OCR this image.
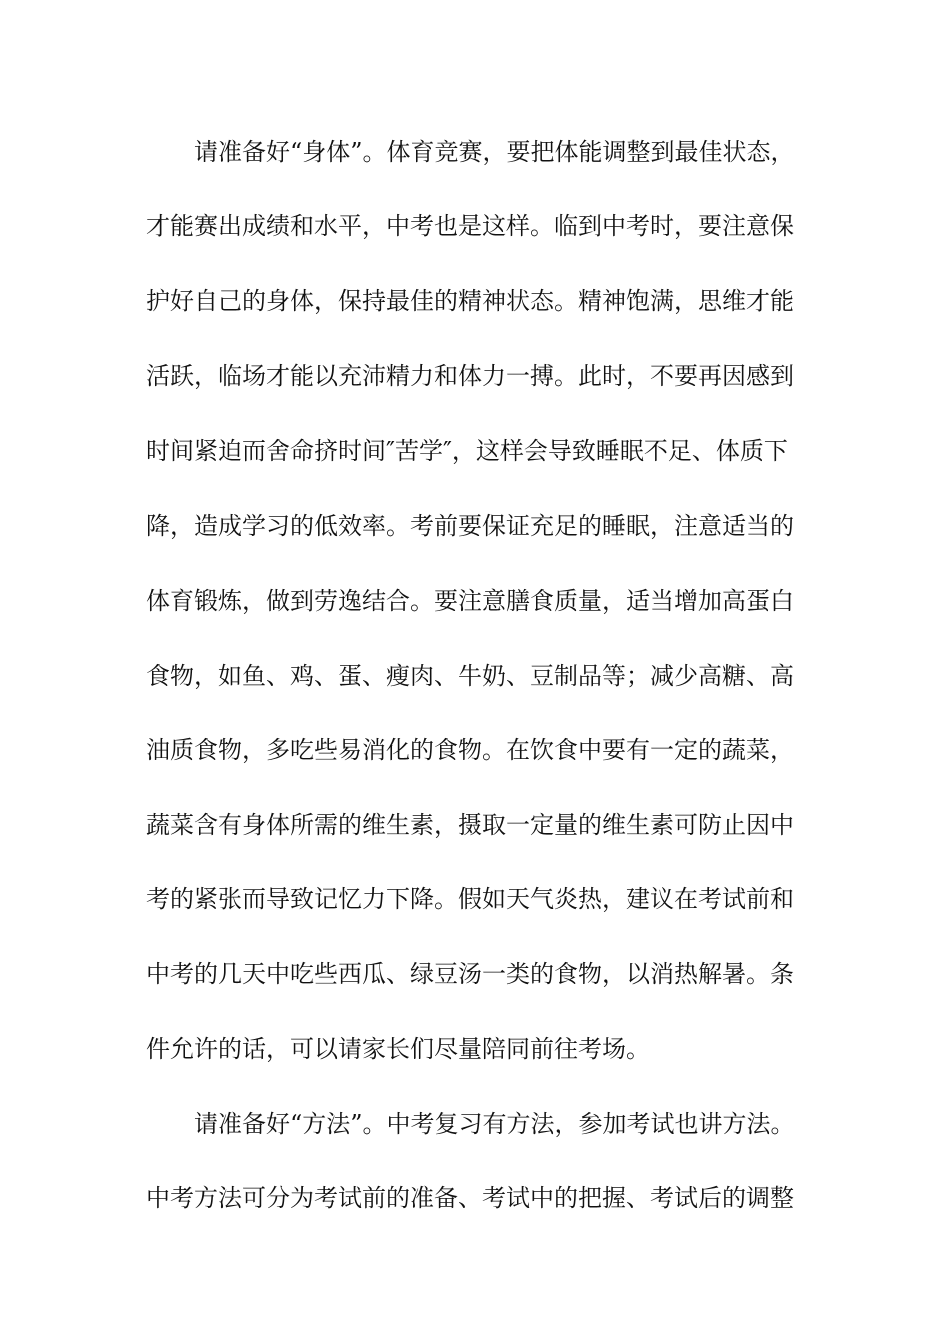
请准备好“身体”。体育竞赛，要把体能调整到最佳状态，
才能赛出成绩和水平，中考也是这样。临到中考时，要注意保
护好自己的身体，保持最佳的精神状态。精神饱满，思维才能
活跃，临场才能以充沛精力和体力一搏。此时，不要再因感到
时间紧迫而舍命挤时间″苦学″，这样会导致睡眠不足、体质下
降，造成学习的低效率。考前要保证充足的睡眠，注意适当的
体育锻炼，做到劳逸结合。要注意膳食质量，适当增加高蛋白
食物，如鱼、鸡、蛋、瘦肉、牛奶、豆制品等；减少高糖、高
油质食物，多吃些易消化的食物。在饮食中要有一定的蔬菜，
蔬菜含有身体所需的维生素，摄取一定量的维生素可防止因中
考的紧张而导致记忆力下降。假如天气炎热，建议在考试前和
中考的几天中吃些西瓜、绿豆汤一类的食物，以消热解暑。条
件允许的话，可以请家长们尽量陪同前往考场。
请准备好“方法”。中考复习有方法，参加考试也讲方法。
中考方法可分为考试前的准备、考试中的把握、考试后的调整
